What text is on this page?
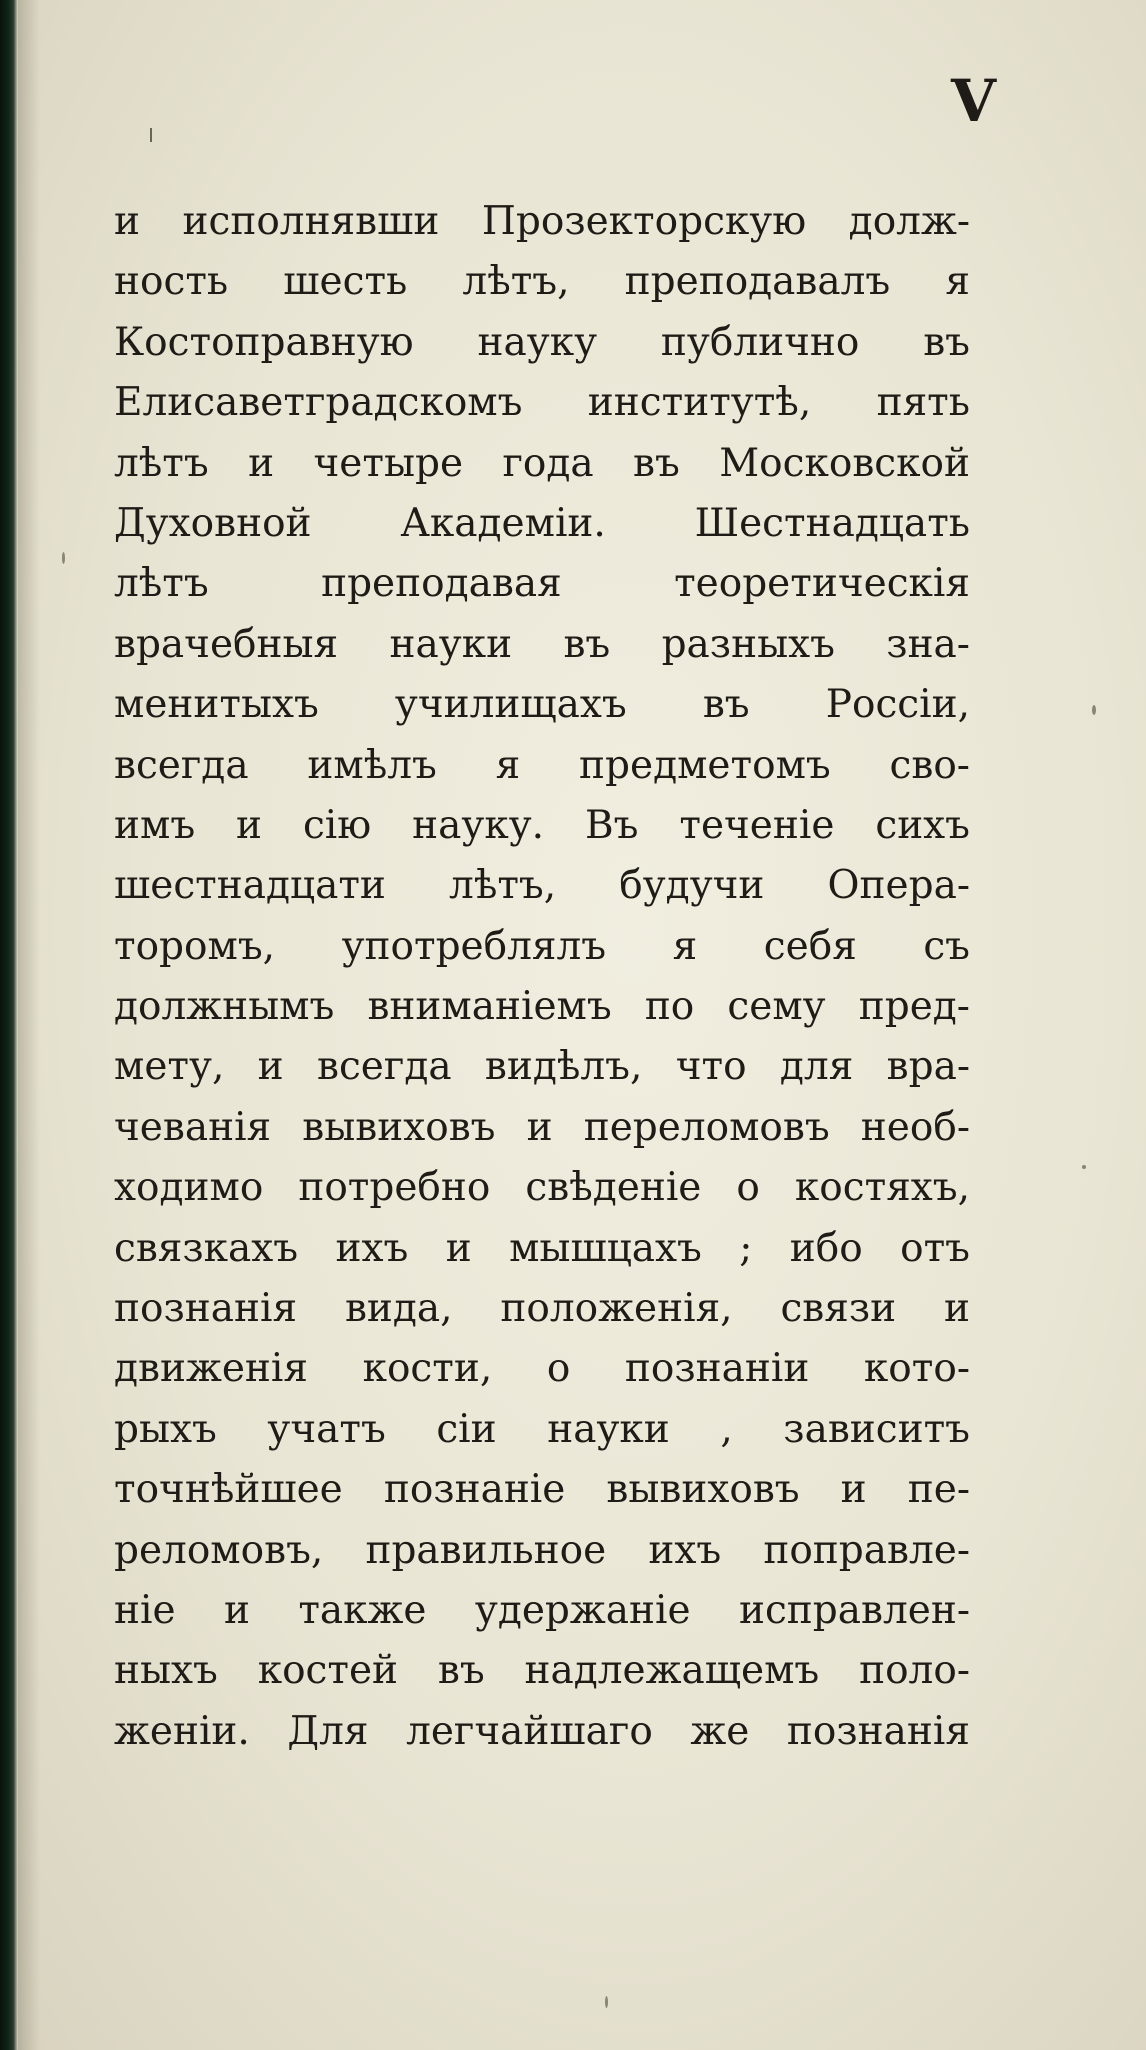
V
и исполнявши Прозекторскую долж-
ность шесть лѣтъ, преподавалъ я
Костоправную науку публично въ
Елисаветградскомъ институтѣ, пять
лѣтъ и четыре года въ Московской
Духовной Академіи. Шестнадцать
лѣтъ преподавая теоретическія
врачебныя науки въ разныхъ зна-
менитыхъ училищахъ въ Россіи,
всегда имѣлъ я предметомъ сво-
имъ и сію науку. Въ теченіе сихъ
шестнадцати лѣтъ, будучи Опера-
торомъ, употреблялъ я себя съ
должнымъ вниманіемъ по сему пред-
мету, и всегда видѣлъ, что для вра-
чеванія вывиховъ и переломовъ необ-
ходимо потребно свѣденіе о костяхъ,
связкахъ ихъ и мышцахъ ; ибо отъ
познанія вида, положенія, связи и
движенія кости, о познаніи кото-
рыхъ учатъ сіи науки , зависитъ
точнѣйшее познаніе вывиховъ и пе-
реломовъ, правильное ихъ поправле-
ніе и также удержаніе исправлен-
ныхъ костей въ надлежащемъ поло-
женіи. Для легчайшаго же познанія
